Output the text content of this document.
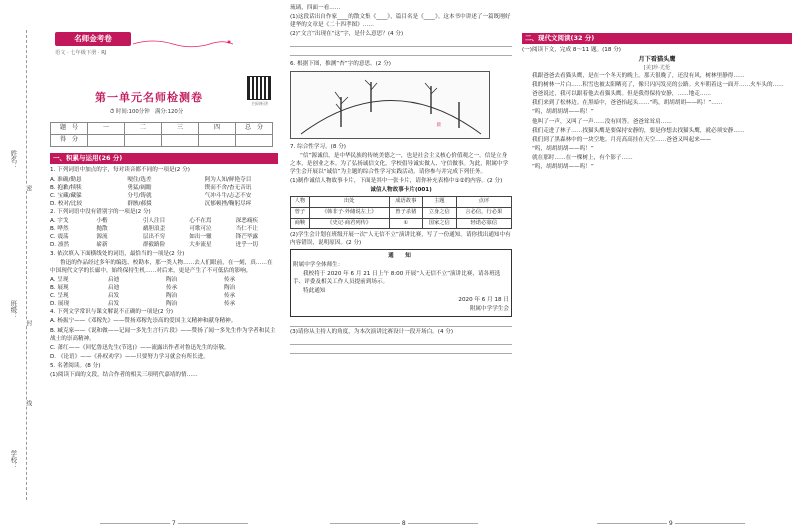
姓名：
班级：
学校：
密
封
线
名师金考卷
语文 · 七年级下册 · RJ
第一单元名师检测卷	扫码听讲
⏱ 时间:100分钟　满分:120分
题　号	一	二	三	四	总　分
得　分					
一、积累与运用(26 分)

1. 下列词语中加点的字，每对读音都不同的一项是(2 分)

A. 准确/勤恳	哽住/选差	阿为人知/鲜艳夺目
B. 抱歉/犊犊	勇猛/阔瞻	锲而不舍/杳无音讯
C. 宝藏/藏躲	分号/铸就	气冲斗牛/忐忑不安
D. 校对/比较	群骸/郝掇	沉郁顿挫/鞠躬尽瘁

2. 下列词语中没有错别字的一项是(2 分)

A. 宇戈	小楷	引人注目	心不在焉	深恶痛疾
B. 哗然	抛散	鹬胆浪歪	可歌可泣	当仁不让
C. 震荡	源流	层出不穷	如出一辙	锋芒毕露
D. 凛然	崭新	群毅路险	大步流星	迸乎一切

3. 依次填入下面横线处的词语，最恰当的一项是(2 分)

鲁迅的作品经过多年的编选、校勘本，那一类人物……去人们眼前，在一刻，真……在中国现代文学的长廊中，始终保持生机……对后来，更是产生了不可低估的影响。

A. 呈现	启迪	陶冶	传承
B. 展现	启迪	传承	陶冶
C. 呈现	启发	陶冶	传承
D. 展现	启发	陶冶	传承

4. 下列文学常识与课文解说不正确的一项是(2 分)

A. 杨振宁——《邓稼先》——赞扬邓稼先崇高的爱国主义精神和献身精神。

B. 臧克家——《说和做——记闻一多先生言行片段》——赞扬了闻一多先生作为学者和民主战士的崇高精神。

C. 萧红——《回忆鲁迅先生(节选)》——流露出作者对鲁迅先生的崇敬。

D. 《论语》——《孙权劝学》——只要努力学习就会有所长进。

5. 名著阅读。(8 分)

(1)阅读下面的文段，结合作者的相关三项明代嘉靖的情……

7

琉璃，四面一看……

(1)这段话出自作家____的散文集《____》，篇目名是《____》。这本书中讲述了一篇既刚好建华的文章是《二十四孝图》……

(2)“文言”出现在“这”字，是什么意思？(4 分)

6. 根据下图，推测“杏”字的意思。(2 分)

晨

7. 综合性学习。(8 分)

“信”源诚信，是中华民族的传统美德之一，也是社会主义核心价值观之一。信是立身之本，是创业之本。为了弘扬诚信文化，学校倡导诚实做人、守信做事。为此，附属中学学生会开展以“诚信”为主题的综合性学习实践活动。请你参与并完成下列任务。

(1)制作诚信人物故事卡片，下面是其中一张卡片，请你补充表格中①②的内容。(2 分)

诚信人物故事卡片(001)
人物	出处	成语故事	主题	点评
曾子	《韩非子·外储说左上》	曾子杀猪	立身之信	言必信，行必果
商鞅	《史记·商君列传》	①	国家之信	轻诺必寡信

(2)学生会计划在班级开展一次“人无信不立”演讲比赛，写了一份通知。请你找出通知中有内容错误，说明原因。(2 分)

通　知

附属中学全体师生：

我校将于 2020 年 6 月 21 日上午 8:00 开展“人无信不立”演讲比赛，请各班选手、评委及相关工作人员提前到场示。

特此通知

2020 年 6 月 18 日

附属中学学生会

(3)请你从主持人的角度，为本次演讲比赛设计一段开场白。(4 分)

8
二、现代文阅读(32 分)

(一)阅读下文，完成 8～11 题。(18 分)

月下看猫头鹰
[美]珍·尤伦

我跟爸爸去看猫头鹰，是在一个冬天的晚上。那天很晚了，还没有风，树林里静得……

我的树林一片白……积雪也被太阳晒亮了，像只闪闪发亮的公路。火车朝着这一面开……火车头的……

爸爸说过，我可以跟着他去看猫头鹰。但是我得保持安静，……地走……

我们来到了松林边。在黑暗中，爸爸抬起头……“呜，胡胡胡胡——呜！”……

“呜，胡胡胡胡——呜！”

他叫了一声，又叫了一声……没有回答。爸爸耸耸肩……

我们走进了林子……找猫头鹰是要保持安静的，要是你想去找猫头鹰，就必须安静……

我们到了黑森林中的一块空地。月亮高高挂在天空……爸爸又叫起来——

“呜，胡胡胡胡——呜！”

就在那时……在一棵树上，有个影子……

“呜，胡胡胡胡——呜！”

9
